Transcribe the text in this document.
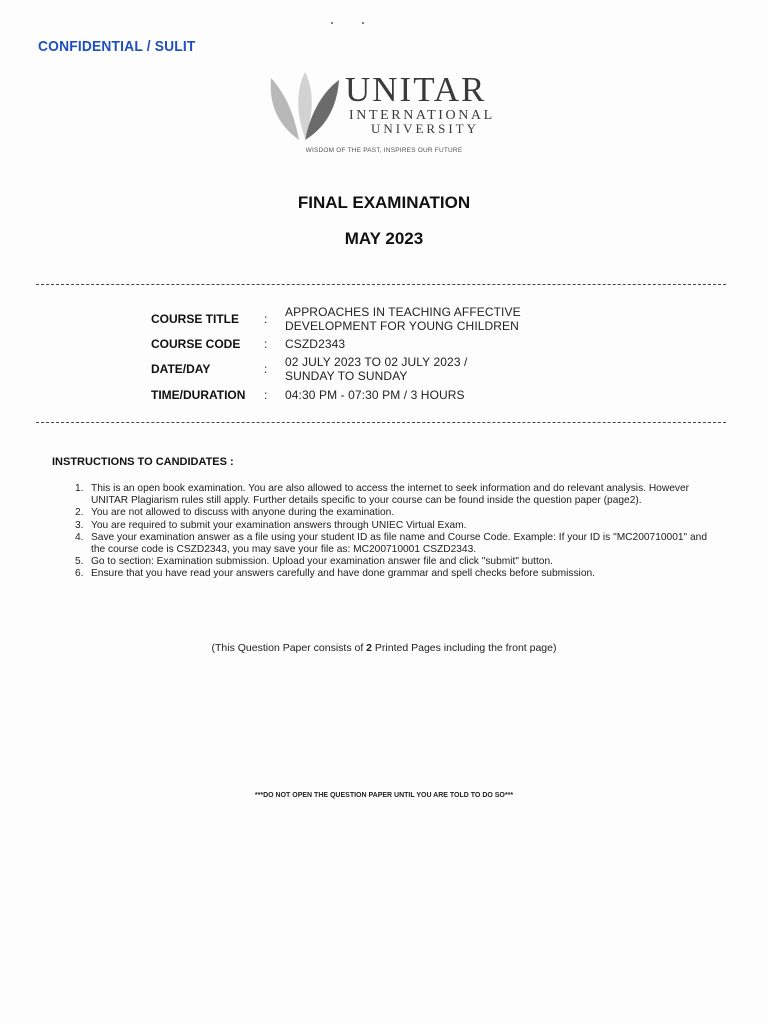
CONFIDENTIAL / SULIT
UNITAR
INTERNATIONAL
UNIVERSITY
WISDOM OF THE PAST, INSPIRES OUR FUTURE
FINAL EXAMINATION
MAY 2023
COURSE TITLE	:	APPROACHES IN TEACHING AFFECTIVE
DEVELOPMENT FOR YOUNG CHILDREN

COURSE CODE	:	CSZD2343
DATE/DAY	:	02 JULY 2023 TO 02 JULY 2023 /
SUNDAY TO SUNDAY

TIME/DURATION	:	04:30 PM - 07:30 PM / 3 HOURS
INSTRUCTIONS TO CANDIDATES :
1. This is an open book examination. You are also allowed to access the internet to seek information and do relevant analysis. However UNITAR Plagiarism rules still apply. Further details specific to your course can be found inside the question paper (page2).
2. You are not allowed to discuss with anyone during the examination.
3. You are required to submit your examination answers through UNIEC Virtual Exam.
4. Save your examination answer as a file using your student ID as file name and Course Code. Example: If your ID is "MC200710001" and the course code is CSZD2343, you may save your file as: MC200710001 CSZD2343.
5. Go to section: Examination submission. Upload your examination answer file and click "submit" button.
6. Ensure that you have read your answers carefully and have done grammar and spell checks before submission.
(This Question Paper consists of 2 Printed Pages including the front page)
***DO NOT OPEN THE QUESTION PAPER UNTIL YOU ARE TOLD TO DO SO***
